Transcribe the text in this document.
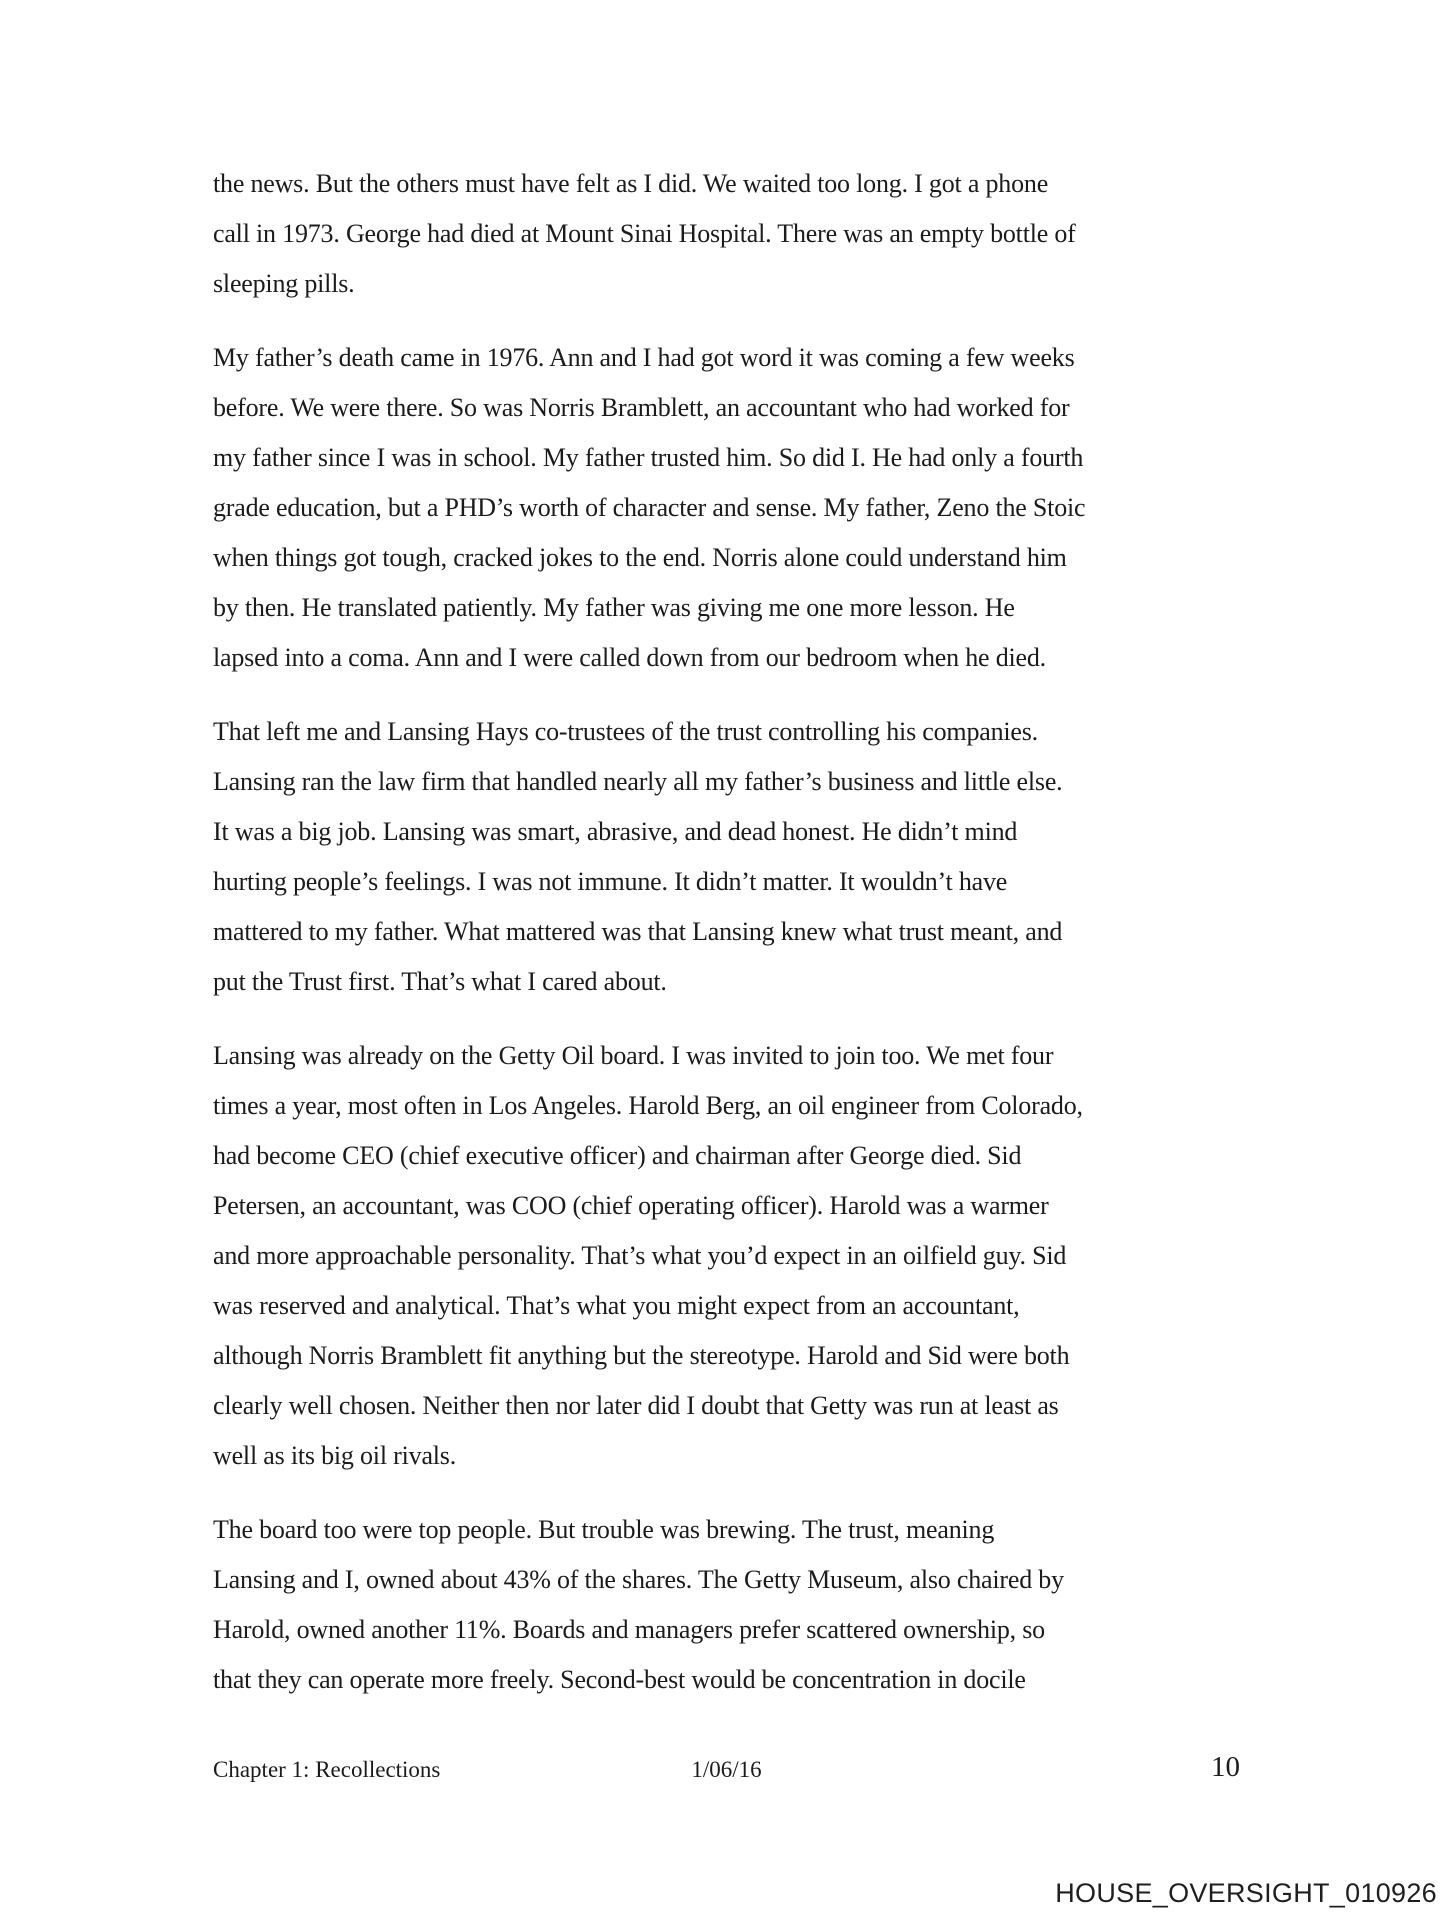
the news. But the others must have felt as I did. We waited too long. I got a phone
call in 1973. George had died at Mount Sinai Hospital. There was an empty bottle of
sleeping pills.
My father’s death came in 1976. Ann and I had got word it was coming a few weeks
before. We were there. So was Norris Bramblett, an accountant who had worked for
my father since I was in school. My father trusted him. So did I. He had only a fourth
grade education, but a PHD’s worth of character and sense. My father, Zeno the Stoic
when things got tough, cracked jokes to the end. Norris alone could understand him
by then. He translated patiently. My father was giving me one more lesson. He
lapsed into a coma. Ann and I were called down from our bedroom when he died.
That left me and Lansing Hays co-trustees of the trust controlling his companies.
Lansing ran the law firm that handled nearly all my father’s business and little else.
It was a big job. Lansing was smart, abrasive, and dead honest. He didn’t mind
hurting people’s feelings. I was not immune. It didn’t matter. It wouldn’t have
mattered to my father. What mattered was that Lansing knew what trust meant, and
put the Trust first. That’s what I cared about.
Lansing was already on the Getty Oil board. I was invited to join too. We met four
times a year, most often in Los Angeles. Harold Berg, an oil engineer from Colorado,
had become CEO (chief executive officer) and chairman after George died. Sid
Petersen, an accountant, was COO (chief operating officer). Harold was a warmer
and more approachable personality. That’s what you’d expect in an oilfield guy. Sid
was reserved and analytical. That’s what you might expect from an accountant,
although Norris Bramblett fit anything but the stereotype. Harold and Sid were both
clearly well chosen. Neither then nor later did I doubt that Getty was run at least as
well as its big oil rivals.
The board too were top people. But trouble was brewing. The trust, meaning
Lansing and I, owned about 43% of the shares. The Getty Museum, also chaired by
Harold, owned another 11%. Boards and managers prefer scattered ownership, so
that they can operate more freely. Second-best would be concentration in docile
Chapter 1: Recollections	1/06/16	10
HOUSE_OVERSIGHT_010926
